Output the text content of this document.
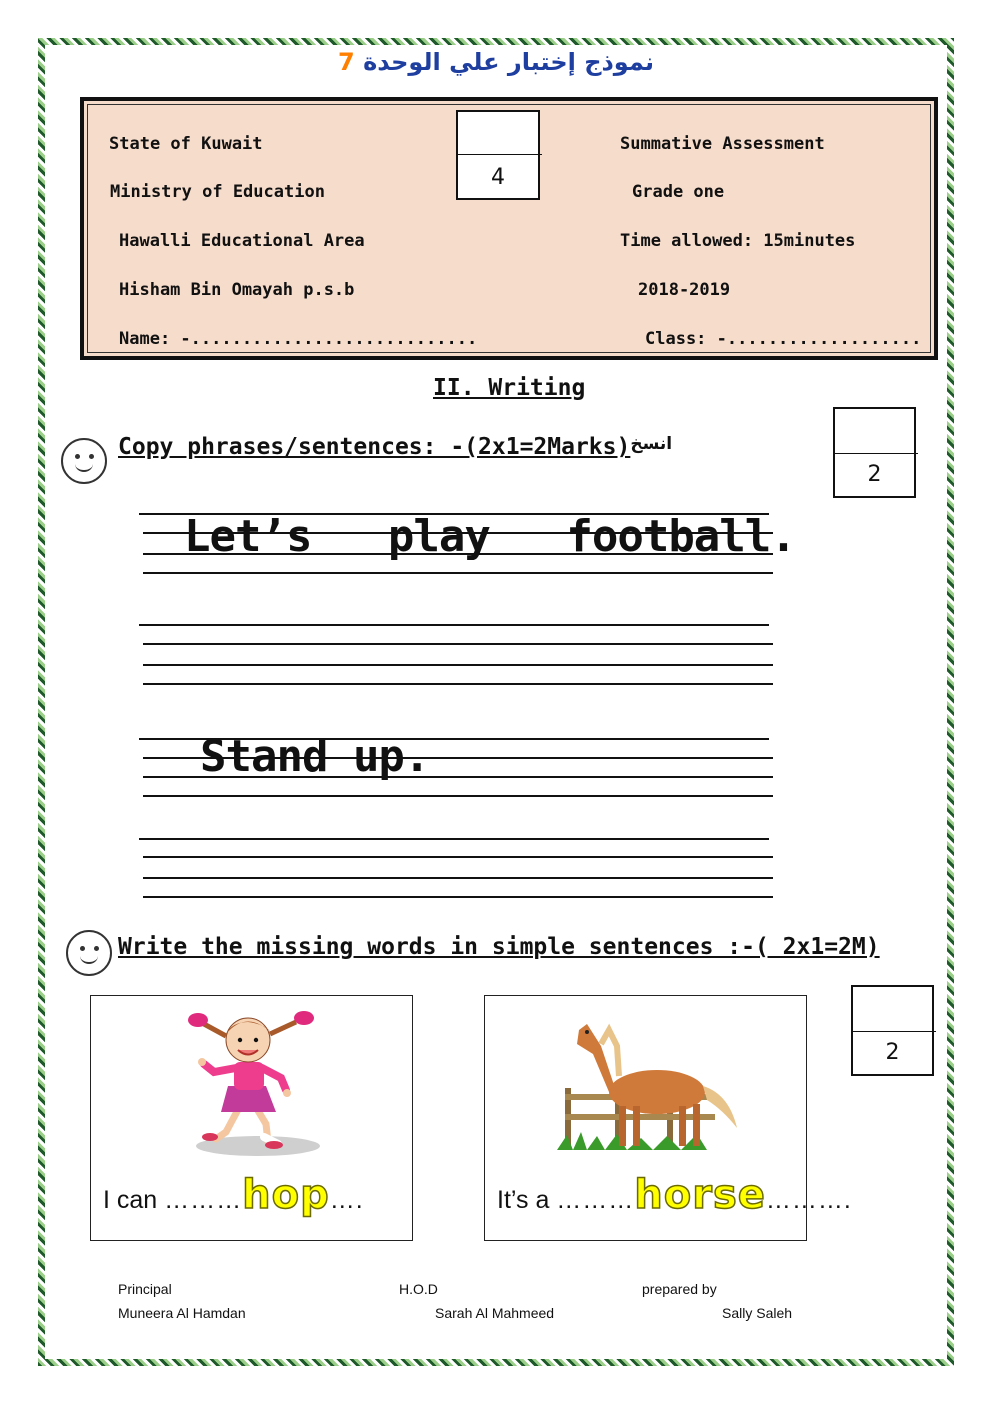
نموذج إختبار علي الوحدة 7
State of Kuwait
Ministry of Education
Hawalli Educational Area
Hisham Bin Omayah p.s.b
Name: -............................
Summative Assessment
Grade one
Time allowed: 15minutes
2018-2019
Class: -...................
4
II. Writing
Copy phrases/sentences: -(2x1=2Marks)انسخ
2
Let’s   play   football.
Stand up.
Write the missing words in simple sentences :-( 2x1=2M)
2
I can ………hop….	It’s a ………horse……….
Principal
Muneera Al Hamdan
H.O.D
Sarah Al Mahmeed
prepared by
Sally Saleh
